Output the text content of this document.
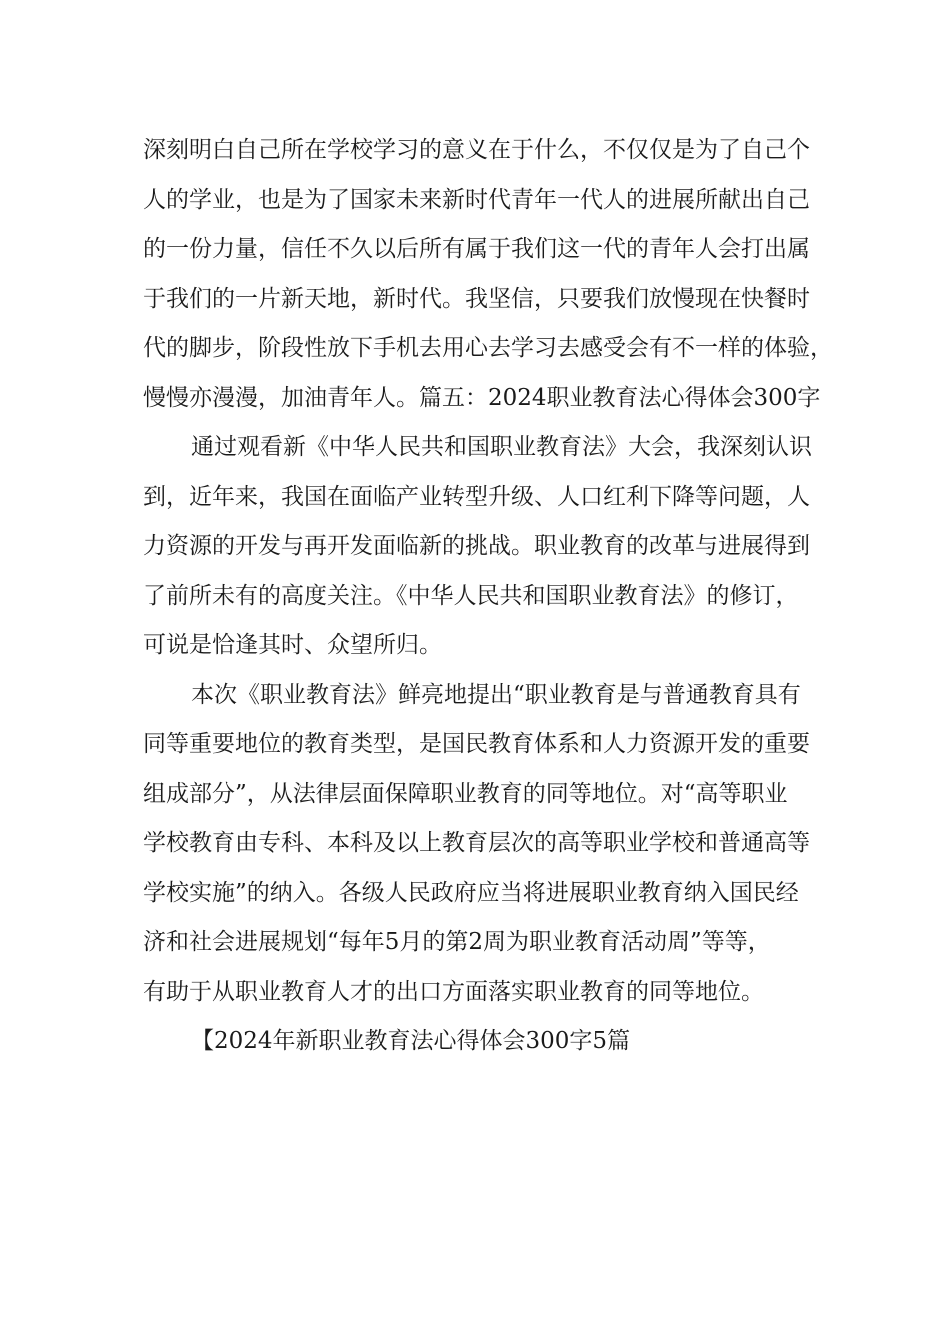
深刻明白自己所在学校学习的意义在于什么，不仅仅是为了自己个
人的学业，也是为了国家未来新时代青年一代人的进展所献出自己
的一份力量，信任不久以后所有属于我们这一代的青年人会打出属
于我们的一片新天地，新时代。我坚信，只要我们放慢现在快餐时
代的脚步，阶段性放下手机去用心去学习去感受会有不一样的体验，
慢慢亦漫漫，加油青年人。篇五：2024职业教育法心得体会300字

通过观看新《中华人民共和国职业教育法》大会，我深刻认识
到，近年来，我国在面临产业转型升级、人口红利下降等问题，人
力资源的开发与再开发面临新的挑战。职业教育的改革与进展得到
了前所未有的高度关注。《中华人民共和国职业教育法》的修订，
可说是恰逢其时、众望所归。

本次《职业教育法》鲜亮地提出“职业教育是与普通教育具有
同等重要地位的教育类型，是国民教育体系和人力资源开发的重要
组成部分”，从法律层面保障职业教育的同等地位。对“高等职业
学校教育由专科、本科及以上教育层次的高等职业学校和普通高等
学校实施”的纳入。各级人民政府应当将进展职业教育纳入国民经
济和社会进展规划“每年5月的第2周为职业教育活动周”等等，
有助于从职业教育人才的出口方面落实职业教育的同等地位。

【2024年新职业教育法心得体会300字5篇
